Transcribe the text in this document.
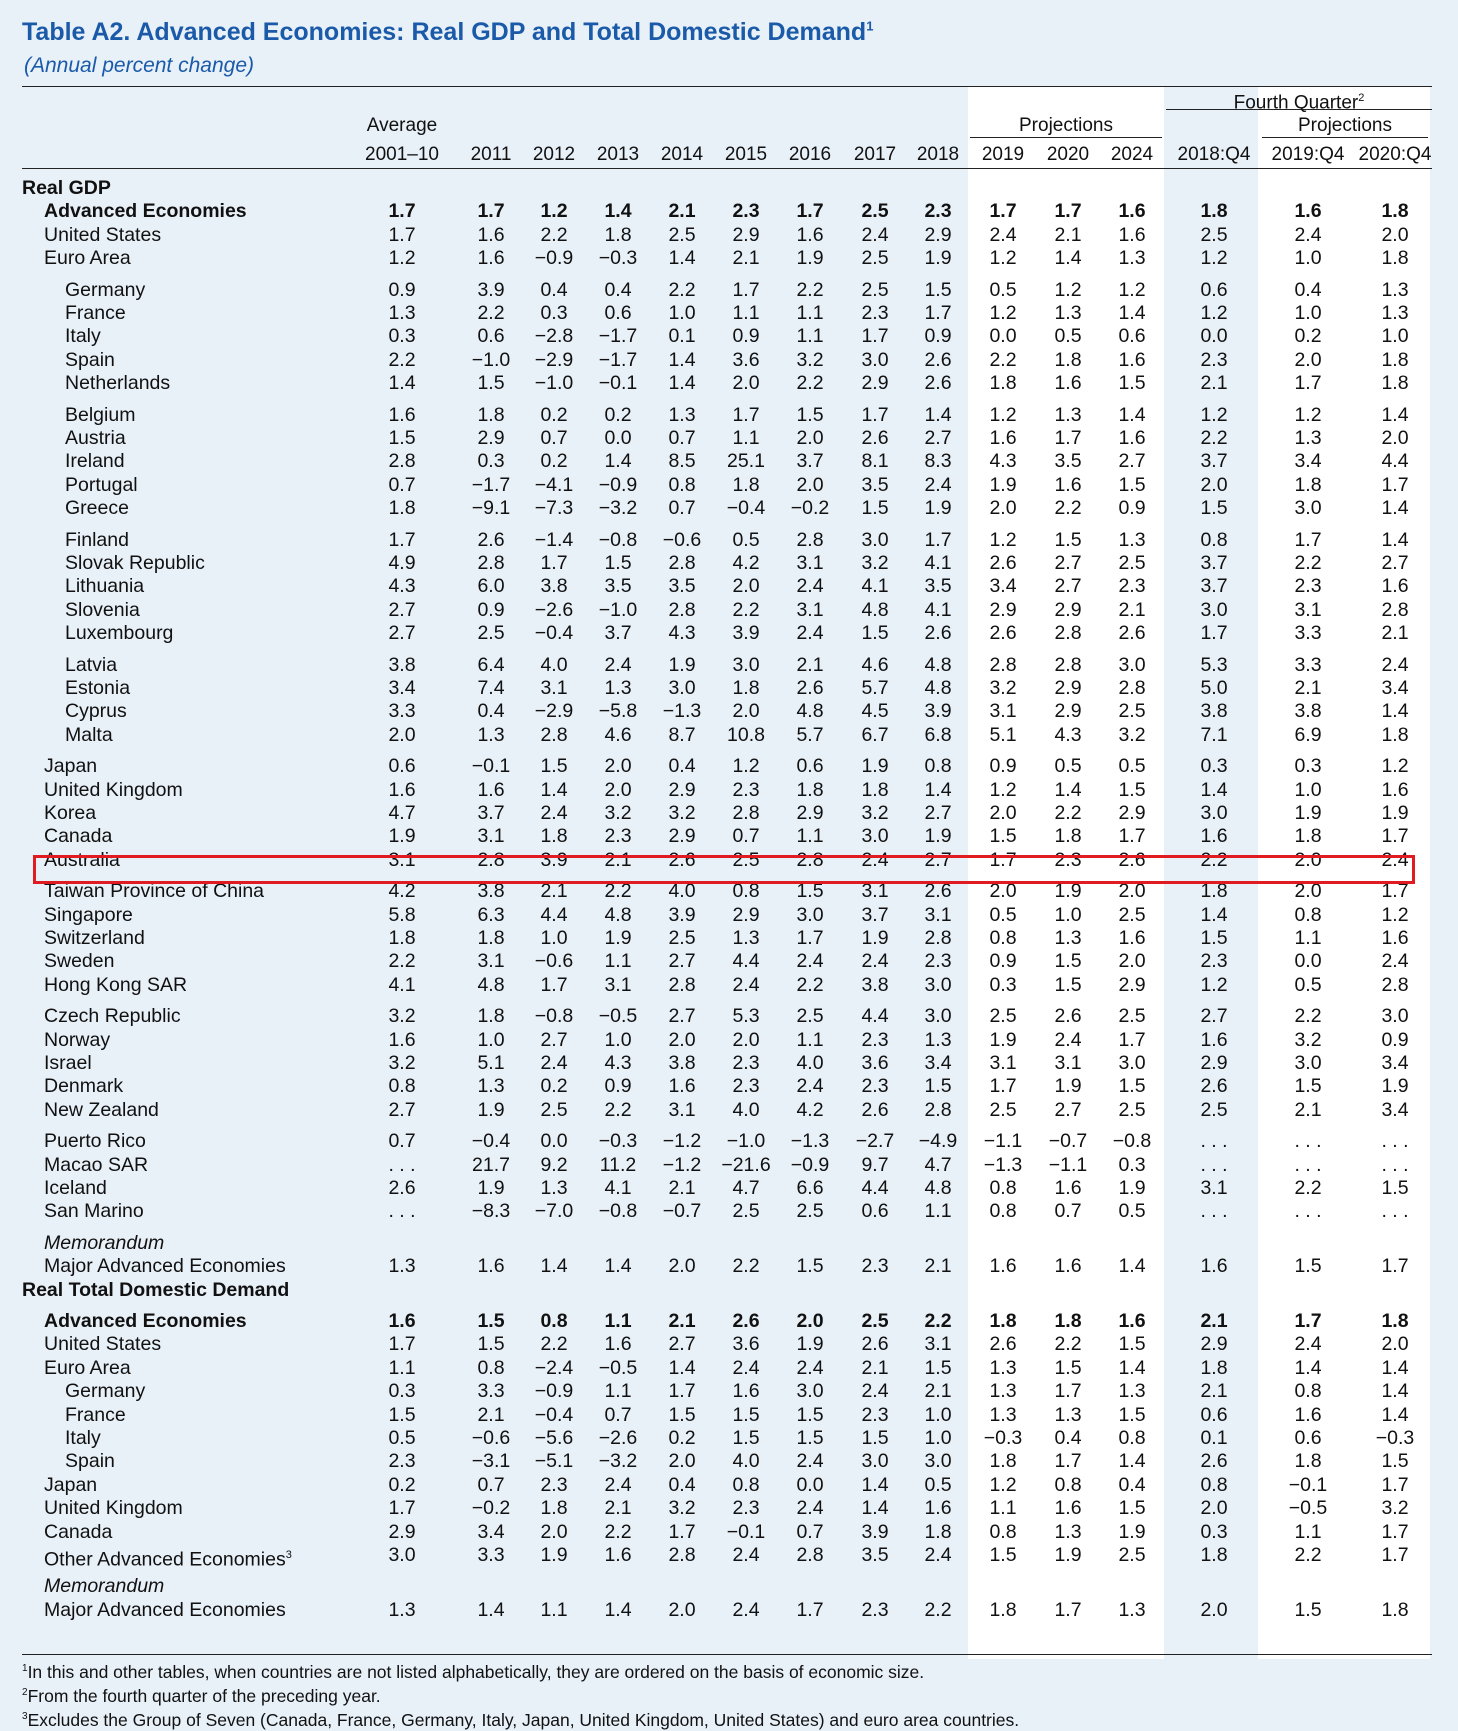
Table A2. Advanced Economies: Real GDP and Total Domestic Demand$^1$
(Annual percent change)
Fourth Quarter$^2$
Average	Projections	Projections
2001–10	2011	2012	2013	2014	2015	2016	2017	2018	2019	2020	2024	2018:Q4	2019:Q4 2020:Q4
Real GDP
Advanced Economies	1.7	1.7	1.2	1.4	2.1	2.3	1.7	2.5	2.3	1.7	1.7	1.6	1.8	1.6	1.8
United States	1.7	1.6	2.2	1.8	2.5	2.9	1.6	2.4	2.9	2.4	2.1	1.6	2.5	2.4	2.0
Euro Area	1.2	1.6	−0.9	−0.3	1.4	2.1	1.9	2.5	1.9	1.2	1.4	1.3	1.2	1.0	1.8
Germany	0.9	3.9	0.4	0.4	2.2	1.7	2.2	2.5	1.5	0.5	1.2	1.2	0.6	0.4	1.3
France	1.3	2.2	0.3	0.6	1.0	1.1	1.1	2.3	1.7	1.2	1.3	1.4	1.2	1.0	1.3
Italy	0.3	0.6	−2.8	−1.7	0.1	0.9	1.1	1.7	0.9	0.0	0.5	0.6	0.0	0.2	1.0
Spain	2.2	−1.0	−2.9	−1.7	1.4	3.6	3.2	3.0	2.6	2.2	1.8	1.6	2.3	2.0	1.8
Netherlands	1.4	1.5	−1.0	−0.1	1.4	2.0	2.2	2.9	2.6	1.8	1.6	1.5	2.1	1.7	1.8
Belgium	1.6	1.8	0.2	0.2	1.3	1.7	1.5	1.7	1.4	1.2	1.3	1.4	1.2	1.2	1.4
Austria	1.5	2.9	0.7	0.0	0.7	1.1	2.0	2.6	2.7	1.6	1.7	1.6	2.2	1.3	2.0
Ireland	2.8	0.3	0.2	1.4	8.5	25.1	3.7	8.1	8.3	4.3	3.5	2.7	3.7	3.4	4.4
Portugal	0.7	−1.7	−4.1	−0.9	0.8	1.8	2.0	3.5	2.4	1.9	1.6	1.5	2.0	1.8	1.7
Greece	1.8	−9.1	−7.3	−3.2	0.7	−0.4	−0.2	1.5	1.9	2.0	2.2	0.9	1.5	3.0	1.4
Finland	1.7	2.6	−1.4	−0.8	−0.6	0.5	2.8	3.0	1.7	1.2	1.5	1.3	0.8	1.7	1.4
Slovak Republic	4.9	2.8	1.7	1.5	2.8	4.2	3.1	3.2	4.1	2.6	2.7	2.5	3.7	2.2	2.7
Lithuania	4.3	6.0	3.8	3.5	3.5	2.0	2.4	4.1	3.5	3.4	2.7	2.3	3.7	2.3	1.6
Slovenia	2.7	0.9	−2.6	−1.0	2.8	2.2	3.1	4.8	4.1	2.9	2.9	2.1	3.0	3.1	2.8
Luxembourg	2.7	2.5	−0.4	3.7	4.3	3.9	2.4	1.5	2.6	2.6	2.8	2.6	1.7	3.3	2.1
Latvia	3.8	6.4	4.0	2.4	1.9	3.0	2.1	4.6	4.8	2.8	2.8	3.0	5.3	3.3	2.4
Estonia	3.4	7.4	3.1	1.3	3.0	1.8	2.6	5.7	4.8	3.2	2.9	2.8	5.0	2.1	3.4
Cyprus	3.3	0.4	−2.9	−5.8	−1.3	2.0	4.8	4.5	3.9	3.1	2.9	2.5	3.8	3.8	1.4
Malta	2.0	1.3	2.8	4.6	8.7	10.8	5.7	6.7	6.8	5.1	4.3	3.2	7.1	6.9	1.8
Japan	0.6	−0.1	1.5	2.0	0.4	1.2	0.6	1.9	0.8	0.9	0.5	0.5	0.3	0.3	1.2
United Kingdom	1.6	1.6	1.4	2.0	2.9	2.3	1.8	1.8	1.4	1.2	1.4	1.5	1.4	1.0	1.6
Korea	4.7	3.7	2.4	3.2	3.2	2.8	2.9	3.2	2.7	2.0	2.2	2.9	3.0	1.9	1.9
Canada	1.9	3.1	1.8	2.3	2.9	0.7	1.1	3.0	1.9	1.5	1.8	1.7	1.6	1.8	1.7
Australia	3.1	2.8	3.9	2.1	2.6	2.5	2.8	2.4	2.7	1.7	2.3	2.6	2.2	2.0	2.4
Taiwan Province of China	4.2	3.8	2.1	2.2	4.0	0.8	1.5	3.1	2.6	2.0	1.9	2.0	1.8	2.0	1.7
Singapore	5.8	6.3	4.4	4.8	3.9	2.9	3.0	3.7	3.1	0.5	1.0	2.5	1.4	0.8	1.2
Switzerland	1.8	1.8	1.0	1.9	2.5	1.3	1.7	1.9	2.8	0.8	1.3	1.6	1.5	1.1	1.6
Sweden	2.2	3.1	−0.6	1.1	2.7	4.4	2.4	2.4	2.3	0.9	1.5	2.0	2.3	0.0	2.4
Hong Kong SAR	4.1	4.8	1.7	3.1	2.8	2.4	2.2	3.8	3.0	0.3	1.5	2.9	1.2	0.5	2.8
Czech Republic	3.2	1.8	−0.8	−0.5	2.7	5.3	2.5	4.4	3.0	2.5	2.6	2.5	2.7	2.2	3.0
Norway	1.6	1.0	2.7	1.0	2.0	2.0	1.1	2.3	1.3	1.9	2.4	1.7	1.6	3.2	0.9
Israel	3.2	5.1	2.4	4.3	3.8	2.3	4.0	3.6	3.4	3.1	3.1	3.0	2.9	3.0	3.4
Denmark	0.8	1.3	0.2	0.9	1.6	2.3	2.4	2.3	1.5	1.7	1.9	1.5	2.6	1.5	1.9
New Zealand	2.7	1.9	2.5	2.2	3.1	4.0	4.2	2.6	2.8	2.5	2.7	2.5	2.5	2.1	3.4
Puerto Rico	0.7	−0.4	0.0	−0.3	−1.2	−1.0	−1.3	−2.7	−4.9	−1.1	−0.7	−0.8	. . .	. . .	. . .
Macao SAR	. . .	21.7	9.2	11.2	−1.2	−21.6	−0.9	9.7	4.7	−1.3	−1.1	0.3	. . .	. . .	. . .
Iceland	2.6	1.9	1.3	4.1	2.1	4.7	6.6	4.4	4.8	0.8	1.6	1.9	3.1	2.2	1.5
San Marino	. . .	−8.3	−7.0	−0.8	−0.7	2.5	2.5	0.6	1.1	0.8	0.7	0.5	. . .	. . .	. . .
Memorandum
Major Advanced Economies	1.3	1.6	1.4	1.4	2.0	2.2	1.5	2.3	2.1	1.6	1.6	1.4	1.6	1.5	1.7
Real Total Domestic Demand
Advanced Economies	1.6	1.5	0.8	1.1	2.1	2.6	2.0	2.5	2.2	1.8	1.8	1.6	2.1	1.7	1.8
United States	1.7	1.5	2.2	1.6	2.7	3.6	1.9	2.6	3.1	2.6	2.2	1.5	2.9	2.4	2.0
Euro Area	1.1	0.8	−2.4	−0.5	1.4	2.4	2.4	2.1	1.5	1.3	1.5	1.4	1.8	1.4	1.4
Germany	0.3	3.3	−0.9	1.1	1.7	1.6	3.0	2.4	2.1	1.3	1.7	1.3	2.1	0.8	1.4
France	1.5	2.1	−0.4	0.7	1.5	1.5	1.5	2.3	1.0	1.3	1.3	1.5	0.6	1.6	1.4
Italy	0.5	−0.6	−5.6	−2.6	0.2	1.5	1.5	1.5	1.0	−0.3	0.4	0.8	0.1	0.6	−0.3
Spain	2.3	−3.1	−5.1	−3.2	2.0	4.0	2.4	3.0	3.0	1.8	1.7	1.4	2.6	1.8	1.5
Japan	0.2	0.7	2.3	2.4	0.4	0.8	0.0	1.4	0.5	1.2	0.8	0.4	0.8	−0.1	1.7
United Kingdom	1.7	−0.2	1.8	2.1	3.2	2.3	2.4	1.4	1.6	1.1	1.6	1.5	2.0	−0.5	3.2
Canada	2.9	3.4	2.0	2.2	1.7	−0.1	0.7	3.9	1.8	0.8	1.3	1.9	0.3	1.1	1.7
Other Advanced Economies$^3$	3.0	3.3	1.9	1.6	2.8	2.4	2.8	3.5	2.4	1.5	1.9	2.5	1.8	2.2	1.7
Memorandum
Major Advanced Economies	1.3	1.4	1.1	1.4	2.0	2.4	1.7	2.3	2.2	1.8	1.7	1.3	2.0	1.5	1.8
$^1$In this and other tables, when countries are not listed alphabetically, they are ordered on the basis of economic size.
$^2$From the fourth quarter of the preceding year.
$^3$Excludes the Group of Seven (Canada, France, Germany, Italy, Japan, United Kingdom, United States) and euro area countries.
